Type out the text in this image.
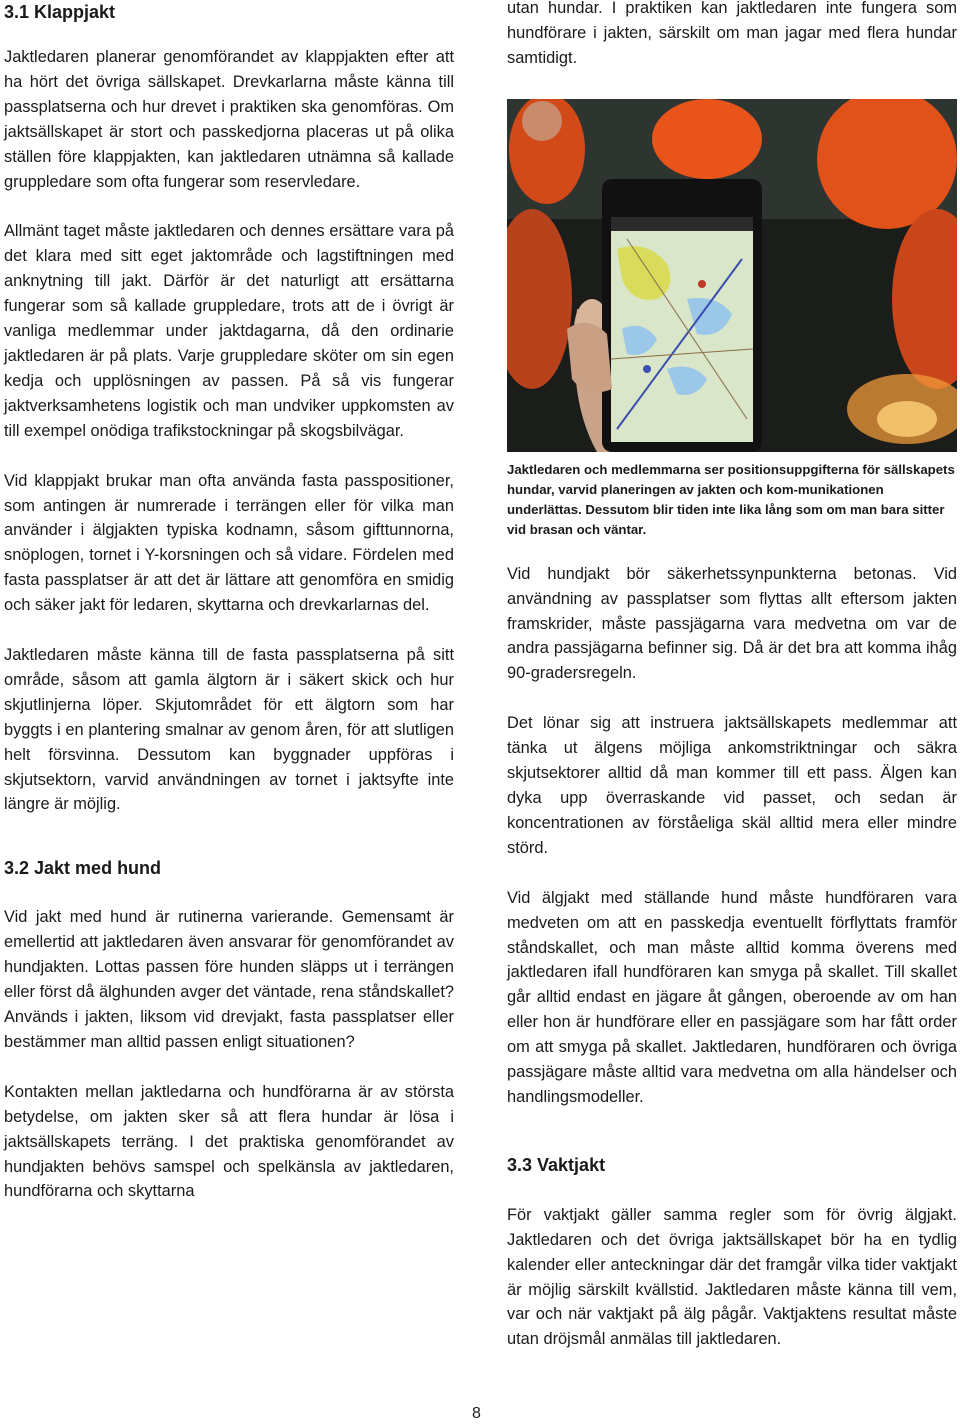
3.1 Klappjakt

Jaktledaren planerar genomförandet av klappjakten efter att ha hört det övriga sällskapet. Drevkarlarna måste känna till passplatserna och hur drevet i praktiken ska genomföras. Om jaktsällskapet är stort och passkedjorna placeras ut på olika ställen före klappjakten, kan jaktledaren utnämna så kallade gruppledare som ofta fungerar som reservledare.

Allmänt taget måste jaktledaren och dennes ersättare vara på det klara med sitt eget jaktområde och lagstiftningen med anknytning till jakt. Därför är det naturligt att ersättarna fungerar som så kallade gruppledare, trots att de i övrigt är vanliga medlemmar under jaktdagarna, då den ordinarie jaktledaren är på plats. Varje gruppledare sköter om sin egen kedja och upplösningen av passen. På så vis fungerar jaktverksamhetens logistik och man undviker uppkomsten av till exempel onödiga trafikstockningar på skogsbilvägar.

Vid klappjakt brukar man ofta använda fasta passpositioner, som antingen är numrerade i terrängen eller för vilka man använder i älgjakten typiska kodnamn, såsom gifttunnorna, snöplogen, tornet i Y-korsningen och så vidare. Fördelen med fasta passplatser är att det är lättare att genomföra en smidig och säker jakt för ledaren, skyttarna och drevkarlarnas del.

Jaktledaren måste känna till de fasta passplatserna på sitt område, såsom att gamla älgtorn är i säkert skick och hur skjutlinjerna löper. Skjutområdet för ett älgtorn som har byggts i en plantering smalnar av genom åren, för att slutligen helt försvinna. Dessutom kan byggnader uppföras i skjutsektorn, varvid användningen av tornet i jaktsyfte inte längre är möjlig.

3.2 Jakt med hund

Vid jakt med hund är rutinerna varierande. Gemensamt är emellertid att jaktledaren även ansvarar för genomförandet av hundjakten. Lottas passen före hunden släpps ut i terrängen eller först då älghunden avger det väntade, rena ståndskallet? Används i jakten, liksom vid drevjakt, fasta passplatser eller bestämmer man alltid passen enligt situationen?

Kontakten mellan jaktledarna och hundförarna är av största betydelse, om jakten sker så att flera hundar är lösa i jaktsällskapets terräng. I det praktiska genomförandet av hundjakten behövs samspel och spelkänsla av jaktledaren, hundförarna och skyttarna

utan hundar. I praktiken kan jaktledaren inte fungera som hundförare i jakten, särskilt om man jagar med flera hundar samtidigt.

Jaktledaren och medlemmarna ser positionsuppgifterna för sällskapets hundar, varvid planeringen av jakten och kom-munikationen underlättas. Dessutom blir tiden inte lika lång som om man bara sitter vid brasan och väntar.

Vid hundjakt bör säkerhetssynpunkterna betonas. Vid användning av passplatser som flyttas allt eftersom jakten framskrider, måste passjägarna vara medvetna om var de andra passjägarna befinner sig. Då är det bra att komma ihåg 90-gradersregeln.

Det lönar sig att instruera jaktsällskapets medlemmar att tänka ut älgens möjliga ankomstriktningar och säkra skjutsektorer alltid då man kommer till ett pass. Älgen kan dyka upp överraskande vid passet, och sedan är koncentrationen av förståeliga skäl alltid mera eller mindre störd.

Vid älgjakt med ställande hund måste hundföraren vara medveten om att en passkedja eventuellt förflyttats framför ståndskallet, och man måste alltid komma överens med jaktledaren ifall hundföraren kan smyga på skallet. Till skallet går alltid endast en jägare åt gången, oberoende av om han eller hon är hundförare eller en passjägare som har fått order om att smyga på skallet. Jaktledaren, hundföraren och övriga passjägare måste alltid vara medvetna om alla händelser och handlingsmodeller.

3.3 Vaktjakt

För vaktjakt gäller samma regler som för övrig älgjakt. Jaktledaren och det övriga jaktsällskapet bör ha en tydlig kalender eller anteckningar där det framgår vilka tider vaktjakt är möjlig särskilt kvällstid. Jaktledaren måste känna till vem, var och när vaktjakt på älg pågår. Vaktjaktens resultat måste utan dröjsmål anmälas till jaktledaren.

8
